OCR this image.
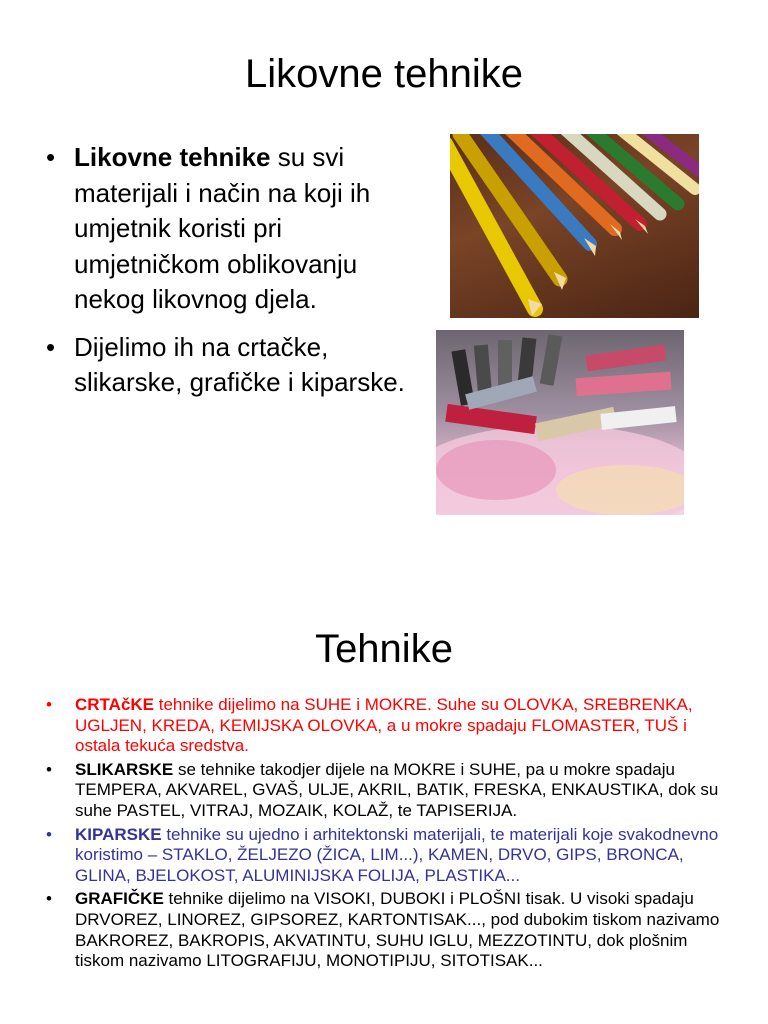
Likovne tehnike
• Likovne tehnike su svi materijali i način na koji ih umjetnik koristi pri umjetničkom oblikovanju nekog likovnog djela.
• Dijelimo ih na crtačke, slikarske, grafičke i kiparske.
Tehnike
• CRTAčKE tehnike dijelimo na SUHE i MOKRE. Suhe su OLOVKA, SREBRENKA, UGLJEN, KREDA, KEMIJSKA OLOVKA, a u mokre spadaju FLOMASTER, TUŠ i ostala tekuća sredstva.
• SLIKARSKE se tehnike takodjer dijele na MOKRE i SUHE, pa u mokre spadaju TEMPERA, AKVAREL, GVAŠ, ULJE, AKRIL, BATIK, FRESKA, ENKAUSTIKA, dok su suhe PASTEL, VITRAJ, MOZAIK, KOLAŽ, te TAPISERIJA.
• KIPARSKE tehnike su ujedno i arhitektonski materijali, te materijali koje svakodnevno koristimo – STAKLO, ŽELJEZO (ŽICA, LIM...), KAMEN, DRVO, GIPS, BRONCA, GLINA, BJELOKOST, ALUMINIJSKA FOLIJA, PLASTIKA...
• GRAFIČKE tehnike dijelimo na VISOKI, DUBOKI i PLOŠNI tisak. U visoki spadaju DRVOREZ, LINOREZ, GIPSOREZ, KARTONTISAK..., pod dubokim tiskom nazivamo BAKROREZ, BAKROPIS, AKVATINTU, SUHU IGLU, MEZZOTINTU, dok plošnim tiskom nazivamo LITOGRAFIJU, MONOTIPIJU, SITOTISAK...
